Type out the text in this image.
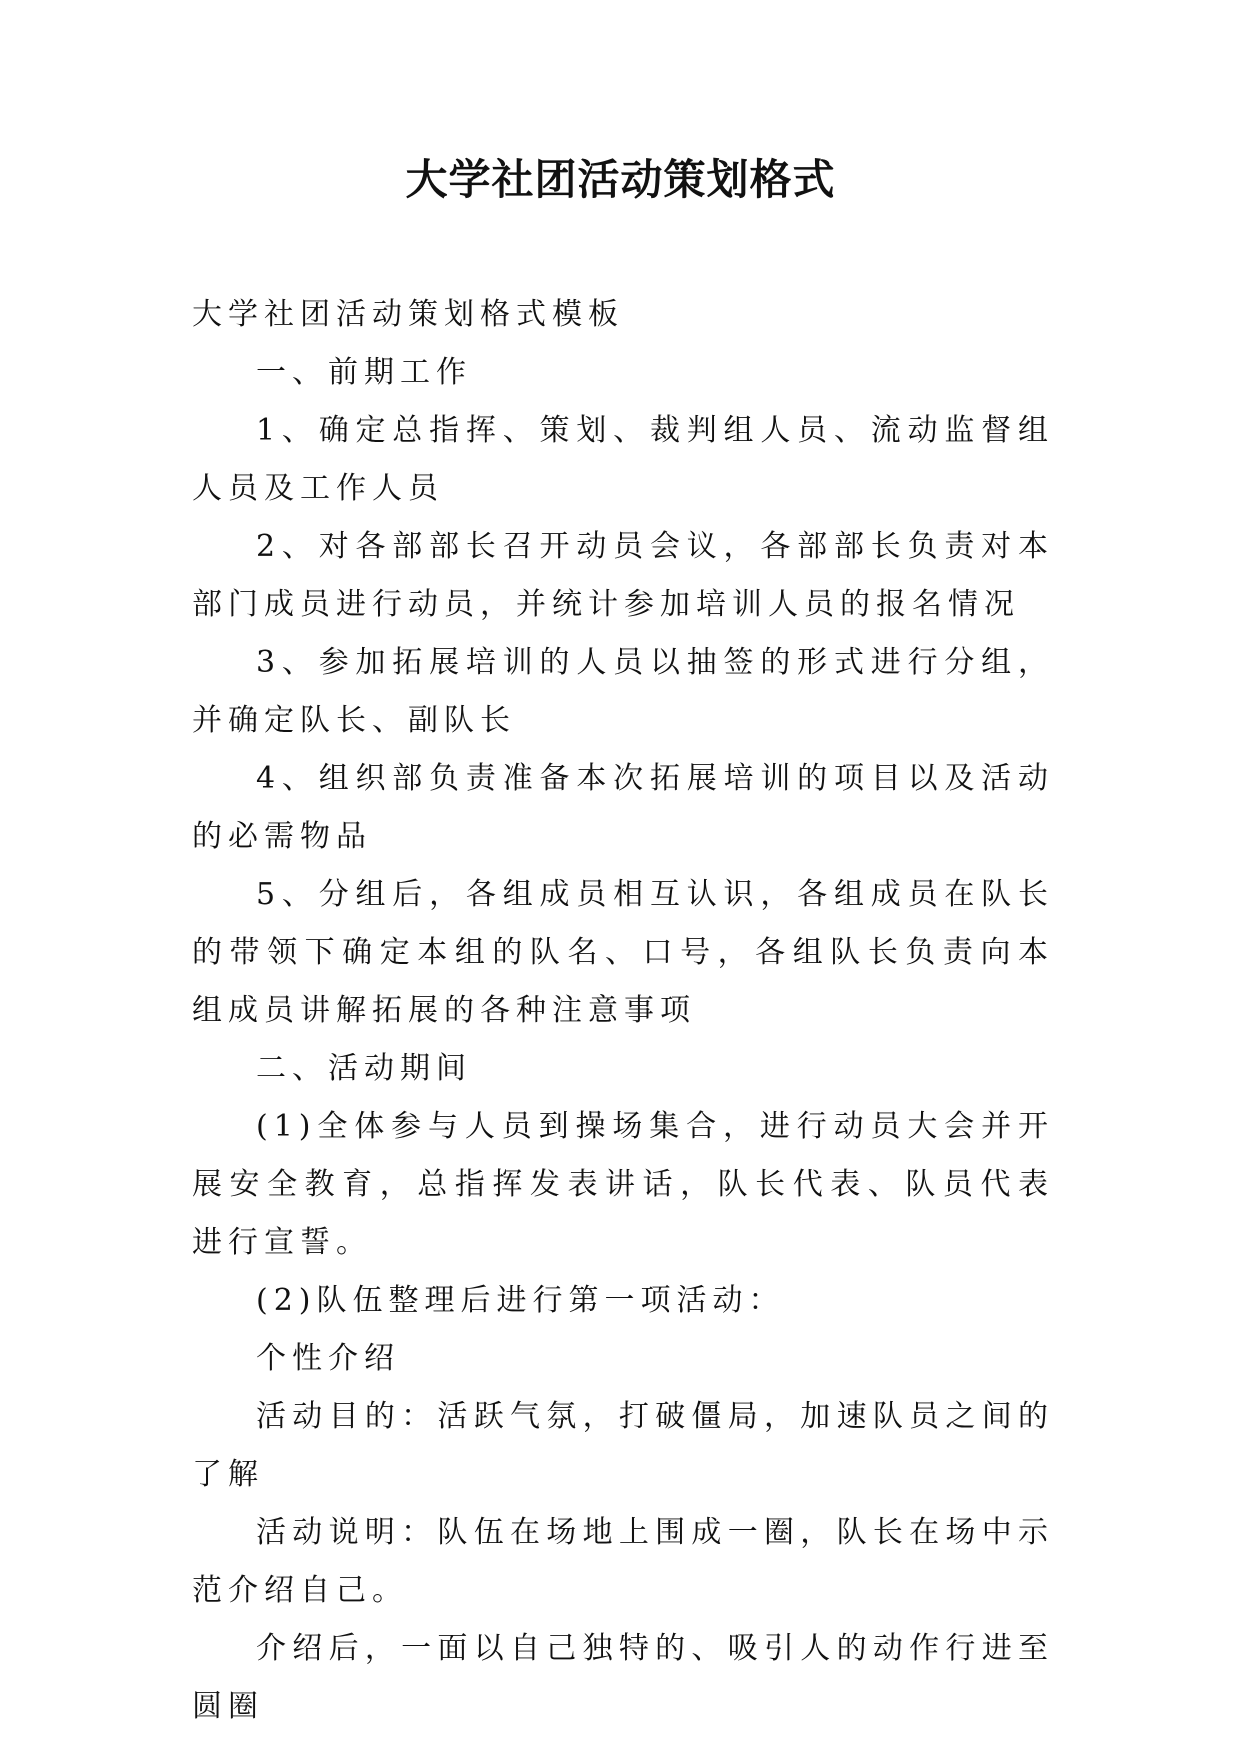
大学社团活动策划格式

大学社团活动策划格式模板

一、前期工作

1、确定总指挥、策划、裁判组人员、流动监督组人员及工作人员

2、对各部部长召开动员会议，各部部长负责对本部门成员进行动员，并统计参加培训人员的报名情况

3、参加拓展培训的人员以抽签的形式进行分组，并确定队长、副队长

4、组织部负责准备本次拓展培训的项目以及活动的必需物品

5、分组后，各组成员相互认识，各组成员在队长的带领下确定本组的队名、口号，各组队长负责向本组成员讲解拓展的各种注意事项

二、活动期间

(1)全体参与人员到操场集合，进行动员大会并开展安全教育，总指挥发表讲话，队长代表、队员代表进行宣誓。

(2)队伍整理后进行第一项活动：

个性介绍

活动目的：活跃气氛，打破僵局，加速队员之间的了解

活动说明：队伍在场地上围成一圈，队长在场中示范介绍自己。

介绍后，一面以自己独特的、吸引人的动作行进至圆圈
